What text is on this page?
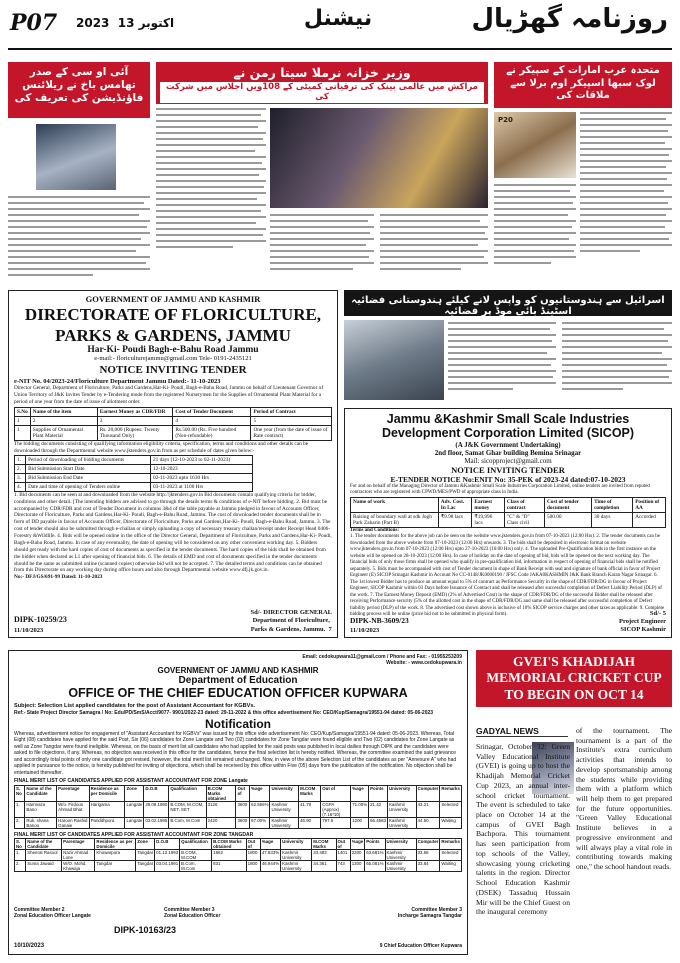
P07 2023 13 اکتوبر	نیشنل	روزنامہ گھڑیال
آئی او سی کے صدر تھامس باخ نے ریلائنس فاؤنڈیشن کی تعریف کی
وزیر خزانہ نرملا سیتا رمن نے
مراکش میں عالمی بینک کی ترقیاتی کمیٹی کے 108ویں اجلاس میں شرکت کی
متحدہ عرب امارات کے سپیکر نے لوک سبھا اسپیکر اوم برلا سے ملاقات کی
P20
اسرائیل سے ہندوستانیوں کو واپس لانے کیلئے ہندوستانی فضائیہ اسٹینڈ بائی موڈ پر فضائیہ
GOVERNMENT OF JAMMU AND KASHMIR
DIRECTORATE OF FLORICULTURE,
PARKS & GARDENS, JAMMU
Har-Ki- Poudi Bagh-e-Bahu Road Jammu
e-mail:- floriculturejammu@gmail.com Tele- 0191-2435121
NOTICE INVITING TENDER
e-NIT No. 04/2023-24/Floriculture Department Jammu Dated:- 11-10-2023
Director General, Department of Floriculture, Parks and Gardens,Har-Ki- Poudi, Bagh-e-Bahu Road, Jammu on behalf of Lieutenant Governor of Union Territory of J&K Invites Tender by e-Tendering mode from the registered Nurserymen for the Supplies of Ornamental Plant Material for a period of one year from the date of issue of allotment order.
S.No	Name of the item	Earnest Money as CDR/FDR	Cost of Tender Document	Period of Contract
1	2	3	4	5
1	Supplies of Ornamental Plant Material	Rs. 20,000 (Rupees: Twenty Thousand Only)	Rs.500.00 (Rs. Five hundred (Non-refundable)	One year (from the date of issue of Rate contract)
The bidding documents consisting of qualifying information eligibility criteria, specification, terms and conditions and other details can be downloaded through the Departmental website www.jktenders.gov.in from as per schedule of dates given below:-
1.	Period of downloading of bidding documents	21 days (12-10-2023 to 02-11-2023)
2.	Bid Submission Start Date	12-10-2023
3.	Bid Submission End Date	02-11-2023 upto 1630 Hrs
4.	Date and time of opening of Tenders online	03-11-2023 at 1100 Hrs
1. Bid documents can be seen at and downloaded from the website http://jktenders.gov.in Bid documents contain qualifying criteria for bidder, conditions and other detail. [The intending bidders are advised to go through the details terms & conditions of e-NIT before bidding. 2. Bid must be accompanied by CDR/FDR and cost of Tender Document in columns 3&4 of the table payable at Jammu pledged in favour of Accounts Officer, Directorate of Floriculture, Parks and Gardens,Har-Ki- Poudi, Bagh-e-Bahu Road, Jammu. The cost of downloaded tender documents shall be in form of DD payable in favour of Accounts Officer, Directorate of Floriculture, Parks and Gardens,Har-Ki- Poudi, Bagh-e-Bahu Road, Jammu. 3. The cost of tender should also be submitted through e-challan or simply uploading a copy of necessary treasury challan/receipt under Receipt Head 0406- Forestry &Wildlife. 4. Bids will be opened online in the office of the Director General, Department of Floriculture, Parks and Gardens,Har-Ki- Poudi, Bagh-e-Bahu Road, Jammu. In case of any eventuality, the date of opening will be considered on any other convenient working day. 5. Bidders should get ready with the hard copies of cost of documents as specified in the tender documents. The hard copies of the bids shall be obtained from the bidder when declared as L1 after opening of financial bids. 6. The details of EMD and cost of documents specified in the tender documents should be the same as submitted online (scanned copies) otherwise bid will not be accepted. 7. The detailed terms and conditions can be obtained from this Directorate on any working day during office hours and also through Departmental website www.dfj.jk.gov.in.
No:- DFJ/GS/691-99 Dated: 11-10-2023
DIPK-10259/23
11/10/2023
Sd/- DIRECTOR GENERAL
Department of Floriculture,
Parks & Gardens, Jammu. 7
Jammu &Kashmir Small Scale Industries
Development Corporation Limited (SICOP)
(A J&K Government Undertaking)
2nd floor, Samat Ghar building Bemina Srinagar
Mail: sicopproject@gmail.com
NOTICE INVITING TENDER
E-TENDER NOTICE No:ENIT No: 35-PEK of 2023-24 dated:07-10-2023
For and on behalf of the Managing Director of Jammu &Kashmir Small Scale Industries Corporation Limited, online tenders are invited from reputed contractors who are registered with CPWD/MES/PWD of appropriate class in India.
Name of work	Adv. Cost. In Lac	Earnest money	Class of contract	Cost of tender document	Time of completion	Position of AA
Raising of boundary wall at sdk Jogh Park Zabarin (Part B)	₹9.98 lacs	₹19,996 lacs	"C" & "D" Class civil	500.00	30 days	Accorded
Terms and Conditions:
1. The tender documents for the above job can be seen on the website www.jktenders.gov.in from 07-10-2023 (12:00 Hrs). 2. The tender documents can be downloaded from the above website from 07-10-2023 (12:00 Hrs) onwards. 3. The bids shall be deposited in electronic format on website www.jktenders.gov.in from 07-10-2023 (12:00 Hrs) upto 27-10-2023 (16:00 Hrs) only. 4. The uploaded Pre-Qualification bids in the first instance on the website will be opened on 28-10-2023 (12:00 Hrs). In case of holiday on the date of opening of bid, bids will be opened on the next working day. The financial bids of only those firms shall be opened who qualify in pre-qualification bid, information in respect of opening of financial bids shall be notified separately. 5. Bids must be accompanied with cost of Tender document in shape of Bank Receipt with seal and signature of bank official in favor of Project Engineer (E) SICOP Srinagar Kashmir in Account No CC-0148/JK0000190 / JFSC Code JAKA0KASHMIN J&K Bank Branch Karan Nagar Srinagar. 6. The 1st lowest Bidder has to produce an amount equal to 5% of contract as Performance Security in the shape of CDR/FDR/DG in favour of Project Engineer, SICOP Kashmir within 03 Days before Issuance of Contract and shall be released after successful completion of Defect Liability Period (DLP) of the work. 7. The Earnest Money Deposit (EMD) (2% of Advertised Cost) in the shape of CDR/FDR/DG of the successful Bidder shall be released after receiving Performance security (5% of the allotted cost in the shape of CDR/FDR/DG and same shall be released after successful completion of Defect liability period (DLP) of the work. 8. The advertised cost shown above is inclusive of 10% SICOP service charges and other taxes as applicable. 9. Complete bidding process will be online (price bid not to be submitted in physical form).
DIPK-NB-3609/23
11/10/2023
Sd/- 5
Project Engineer
SICOP Kashmir
Email: cedokupwara11@gmail.com / Phone and Fax: - 01955253209
Website: - www.cedokupwara.in
GOVERNMENT OF JAMMU AND KASHMIR
Department of Education
OFFICE OF THE CHIEF EDUCATION OFFICER KUPWARA
Subject: Selection List applied candidates for the post of Assistant Accountant for KGBVs.
Ref:- State Project Director Samagra / No: Edu/PD/SmS/Acct/9077- 9901/2022-23 dated: 29-11-2022 & this office advertisement No: CEO/Kup/Samagra/19551-94 dated: 05-06-2023
Notification
Whereas, advertisement notice for engagement of "Assistant Accountant for KGBVs" was issued by this office vide advertisement No: CEO/Kup/Samagra/19551-94 dated: 05-06-2023. Whereas, Total Eight (08) candidates have applied for the said Post, Six (06) candidates for Zone Langate and Two (02) candidates for Zone Tangdar were found eligible and Two (02) candidates for Zone Langate as well as Zone Tangdar were found ineligible. Whereas, on the basis of merit list all candidates who had applied for the said posts was published in local dailies through DIPK and the candidates were asked to file objections, if any. Whereas, no objection was received in this office for the candidates, hence the final selection list is hereby notified. Whereas, the committee examined the said grievance and accordingly total points of only one candidate got revised, however, the total merit list remained unchanged. Now, in view of the above Selection List of the candidates as per "Annexure A" who had applied in pursuance to the notice, is hereby published for inviting of objections, which shall be received by this office within Five (05) days from the publication of the notification. No objection shall be entertained thereafter.
FINAL MERIT LIST OF CANDIDATES APPLIED FOR ASSISTANT ACCOUNTANT FOR ZONE Langate
S. No	Name of the Candidate	Parentage	Residence as per Domicile	Zone	D.O.B	Qualification	B.COM Marks obtained	Out of	%age	University	M.COM Marks	Out of	%age	Points	University	Computer	Remarks
1.	Hamnaza Bano	W/o. Firdous Ahmad Bhat	Harigama	Langate	29.08.1990	B.COM, M.COM, NET, SET	3126	3600	62.556%	Kashmir University	41.79	CGPA (Approx) (7.16*10)	71.00%	21.42	Kashmir University	43.21	Selected
2.	Ruk. shana Banoo	Haroon Rashid Ganaie	Pandithpora	Langate	03.02.1995	B.Com, M.Com	2420	3600	67.00%	Kashmir University	46.90	797.5	1200	66.4583	Kashmir University	44.50	Waiting
FINAL MERIT LIST OF CANDIDATES APPLIED FOR ASSISTANT ACCOUNTANT FOR ZONE TANGDAR
S. No	Name of the Candidate	Parentage	Residence as per Domicile	Zone	D.O.B	Qualification	B.COM Marks obtained	Out of	%age	University	M.COM Marks	Out of	%age	Points	University	Computer	Remarks
1.	Sheerat Rasool	Nazir Ahmad Lone	Khowarpora	Tangdar	01.12.1993	B.COM, M.COM	1862	1800	47.833%	Kashmir University	33.483	1401	2200	63.681%	Kashmir University	33.56	Selected
2.	Suma Jawaid	W/O. Mohd. Khawaja	Tangdar	Tangdar	03.04.1991	B.Com, M.Com	831	1800	46.944%	Kashmir University	34.361	743	1300	65.081%	Kashmir University	33.84	Waiting
Committee Member 2
Zonal Education Officer Langate
Committee Member 3
Zonal Education Officer
Committee Member 3
Incharge Samagra Tangdar
DIPK-10163/23
10/10/2023	9 Chief Education Officer Kupwara
GVEI'S KHADIJAH MEMORIAL CRICKET CUP TO BEGIN ON OCT 14
GADYAL NEWS
Srinagar, October 12: Green Valley Educational Institute (GVEI) is going up to host the Khadijah Memorial Cricket Cup 2023, an annual inter-school cricket tournament. The event is scheduled to take place on October 14 at the campus of GVEI Bagh Bachpora. This tournament has seen participation from top schools of the Valley, showcasing young cricketing talents in the region. Director School Education Kashmir (DSEK) Tassaduq Hussain Mir will be the Chief Guest on the inaugural ceremony
of the tournament. The tournament is a part of the Institute's extra curriculum activities that intends to develop sportsmanship among the students while providing them with a platform which will help them to get prepared for the future opportunities. "Green Valley Educational Institute believes in a progressive environment and will always play a vital role in contributing towards making one," the school handout reads.
